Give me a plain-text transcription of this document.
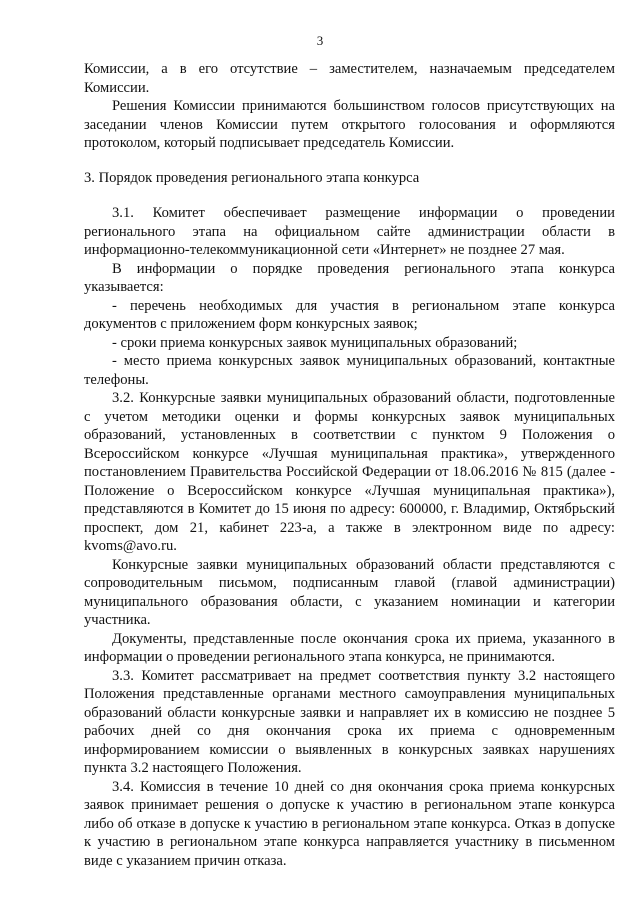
3

Комиссии, а в его отсутствие – заместителем, назначаемым председателем Комиссии.

Решения Комиссии принимаются большинством голосов присутствующих на заседании членов Комиссии путем открытого голосования и оформляются протоколом, который подписывает председатель Комиссии.

3. Порядок проведения регионального этапа конкурса

3.1. Комитет обеспечивает размещение информации о проведении регионального этапа на официальном сайте администрации области в информационно-телекоммуникационной сети «Интернет» не позднее 27 мая.

В информации о порядке проведения регионального этапа конкурса указывается:

- перечень необходимых для участия в региональном этапе конкурса документов с приложением форм конкурсных заявок;

- сроки приема конкурсных заявок муниципальных образований;

- место приема конкурсных заявок муниципальных образований, контактные телефоны.

3.2. Конкурсные заявки муниципальных образований области, подготовленные с учетом методики оценки и формы конкурсных заявок муниципальных образований, установленных в соответствии с пунктом 9 Положения о Всероссийском конкурсе «Лучшая муниципальная практика», утвержденного постановлением Правительства Российской Федерации от 18.06.2016 № 815 (далее - Положение о Всероссийском конкурсе «Лучшая муниципальная практика»), представляются в Комитет до 15 июня по адресу: 600000, г. Владимир, Октябрьский проспект, дом 21, кабинет 223-а, а также в электронном виде по адресу: kvoms@avo.ru.

Конкурсные заявки муниципальных образований области представляются с сопроводительным письмом, подписанным главой (главой администрации) муниципального образования области, с указанием номинации и категории участника.

Документы, представленные после окончания срока их приема, указанного в информации о проведении регионального этапа конкурса, не принимаются.

3.3. Комитет рассматривает на предмет соответствия пункту 3.2 настоящего Положения представленные органами местного самоуправления муниципальных образований области конкурсные заявки и направляет их в комиссию не позднее 5 рабочих дней со дня окончания срока их приема с одновременным информированием комиссии о выявленных в конкурсных заявках нарушениях пункта 3.2 настоящего Положения.

3.4. Комиссия в течение 10 дней со дня окончания срока приема конкурсных заявок принимает решения о допуске к участию в региональном этапе конкурса либо об отказе в допуске к участию в региональном этапе конкурса. Отказ в допуске к участию в региональном этапе конкурса направляется участнику в письменном виде с указанием причин отказа.
